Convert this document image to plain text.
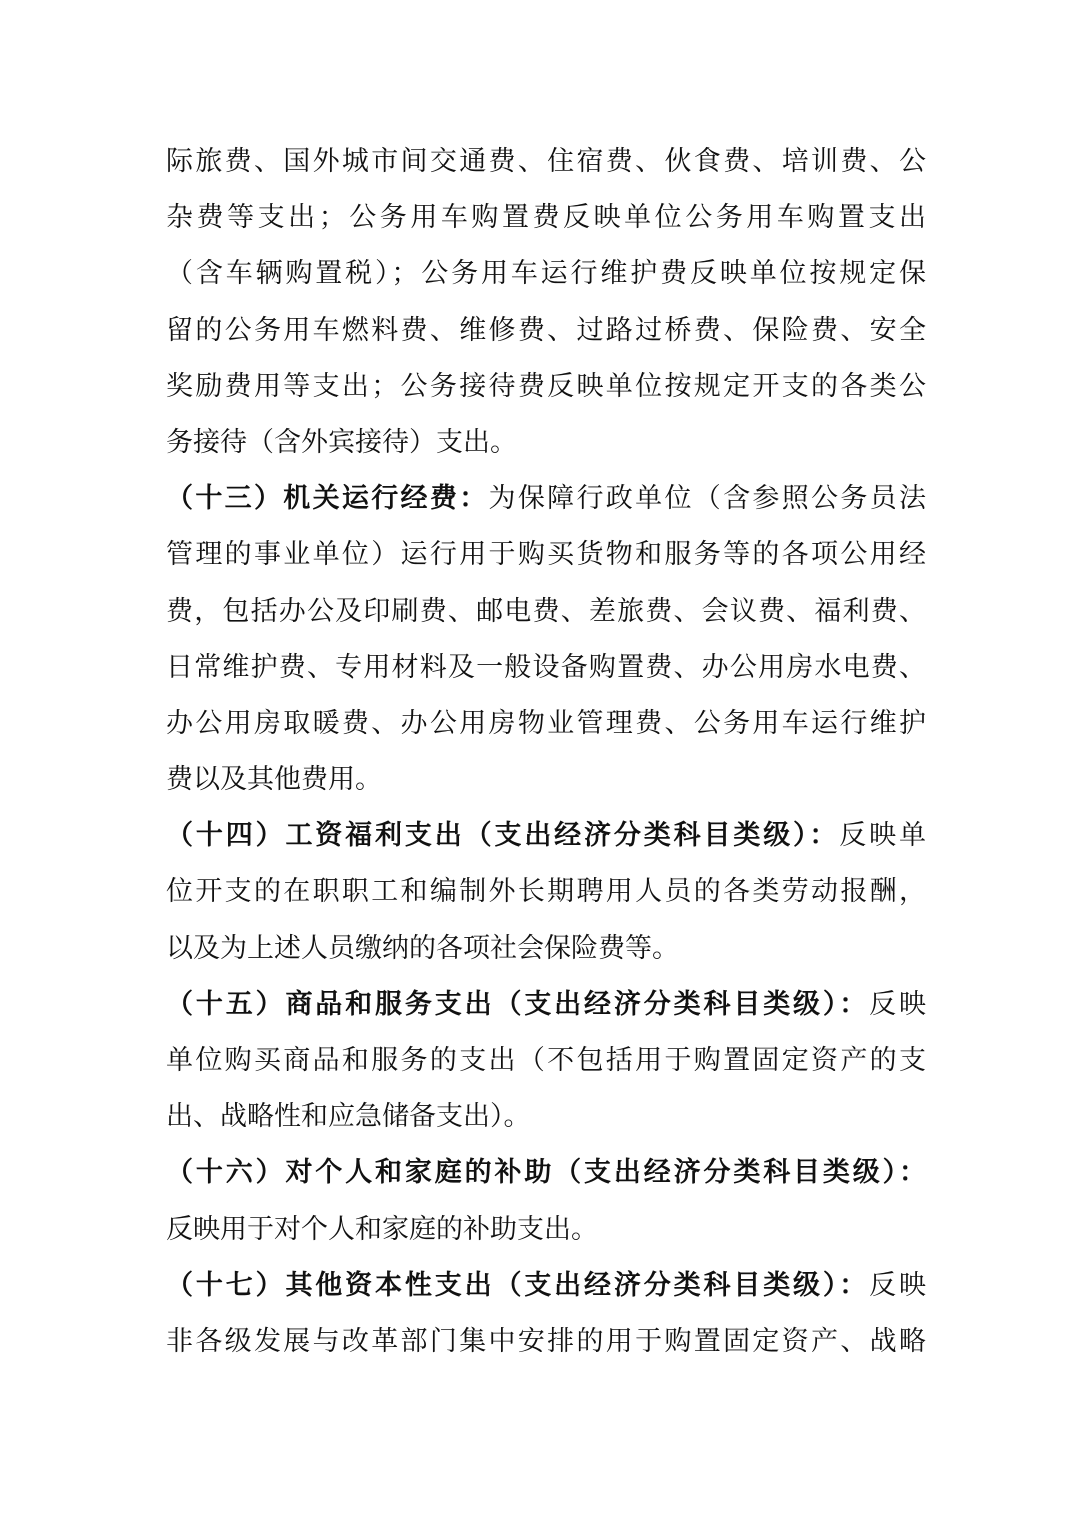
际旅费、国外城市间交通费、住宿费、伙食费、培训费、公
杂费等支出；公务用车购置费反映单位公务用车购置支出
（含车辆购置税）；公务用车运行维护费反映单位按规定保
留的公务用车燃料费、维修费、过路过桥费、保险费、安全
奖励费用等支出；公务接待费反映单位按规定开支的各类公
务接待（含外宾接待）支出。
（十三）机关运行经费：为保障行政单位（含参照公务员法
管理的事业单位）运行用于购买货物和服务等的各项公用经
费，包括办公及印刷费、邮电费、差旅费、会议费、福利费、
日常维护费、专用材料及一般设备购置费、办公用房水电费、
办公用房取暖费、办公用房物业管理费、公务用车运行维护
费以及其他费用。
（十四）工资福利支出（支出经济分类科目类级）：反映单
位开支的在职职工和编制外长期聘用人员的各类劳动报酬，
以及为上述人员缴纳的各项社会保险费等。
（十五）商品和服务支出（支出经济分类科目类级）：反映
单位购买商品和服务的支出（不包括用于购置固定资产的支
出、战略性和应急储备支出）。
（十六）对个人和家庭的补助（支出经济分类科目类级）：
反映用于对个人和家庭的补助支出。
（十七）其他资本性支出（支出经济分类科目类级）：反映
非各级发展与改革部门集中安排的用于购置固定资产、战略
